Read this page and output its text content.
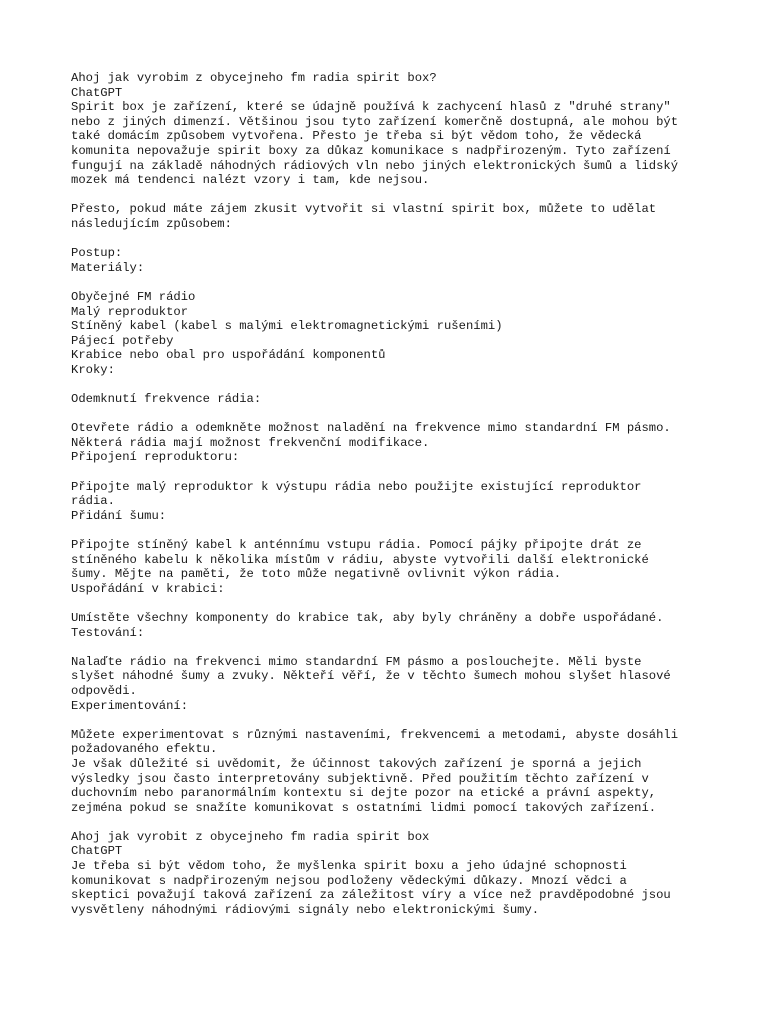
Ahoj jak vyrobim z obycejneho fm radia spirit box?
ChatGPT
Spirit box je zařízení, které se údajně používá k zachycení hlasů z "druhé strany"
nebo z jiných dimenzí. Většinou jsou tyto zařízení komerčně dostupná, ale mohou být
také domácím způsobem vytvořena. Přesto je třeba si být vědom toho, že vědecká
komunita nepovažuje spirit boxy za důkaz komunikace s nadpřirozeným. Tyto zařízení
fungují na základě náhodných rádiových vln nebo jiných elektronických šumů a lidský
mozek má tendenci nalézt vzory i tam, kde nejsou.
Přesto, pokud máte zájem zkusit vytvořit si vlastní spirit box, můžete to udělat
následujícím způsobem:
Postup:
Materiály:
Obyčejné FM rádio
Malý reproduktor
Stíněný kabel (kabel s malými elektromagnetickými rušeními)
Pájecí potřeby
Krabice nebo obal pro uspořádání komponentů
Kroky:
Odemknutí frekvence rádia:
Otevřete rádio a odemkněte možnost naladění na frekvence mimo standardní FM pásmo.
Některá rádia mají možnost frekvenční modifikace.
Připojení reproduktoru:
Připojte malý reproduktor k výstupu rádia nebo použijte existující reproduktor
rádia.
Přidání šumu:
Připojte stíněný kabel k anténnímu vstupu rádia. Pomocí pájky připojte drát ze
stíněného kabelu k několika místům v rádiu, abyste vytvořili další elektronické
šumy. Mějte na paměti, že toto může negativně ovlivnit výkon rádia.
Uspořádání v krabici:
Umístěte všechny komponenty do krabice tak, aby byly chráněny a dobře uspořádané.
Testování:
Nalaďte rádio na frekvenci mimo standardní FM pásmo a poslouchejte. Měli byste
slyšet náhodné šumy a zvuky. Někteří věří, že v těchto šumech mohou slyšet hlasové
odpovědi.
Experimentování:
Můžete experimentovat s různými nastaveními, frekvencemi a metodami, abyste dosáhli
požadovaného efektu.
Je však důležité si uvědomit, že účinnost takových zařízení je sporná a jejich
výsledky jsou často interpretovány subjektivně. Před použitím těchto zařízení v
duchovním nebo paranormálním kontextu si dejte pozor na etické a právní aspekty,
zejména pokud se snažíte komunikovat s ostatními lidmi pomocí takových zařízení.
Ahoj jak vyrobit z obycejneho fm radia spirit box
ChatGPT
Je třeba si být vědom toho, že myšlenka spirit boxu a jeho údajné schopnosti
komunikovat s nadpřirozeným nejsou podloženy vědeckými důkazy. Mnozí vědci a
skeptici považují taková zařízení za záležitost víry a více než pravděpodobné jsou
vysvětleny náhodnými rádiovými signály nebo elektronickými šumy.
